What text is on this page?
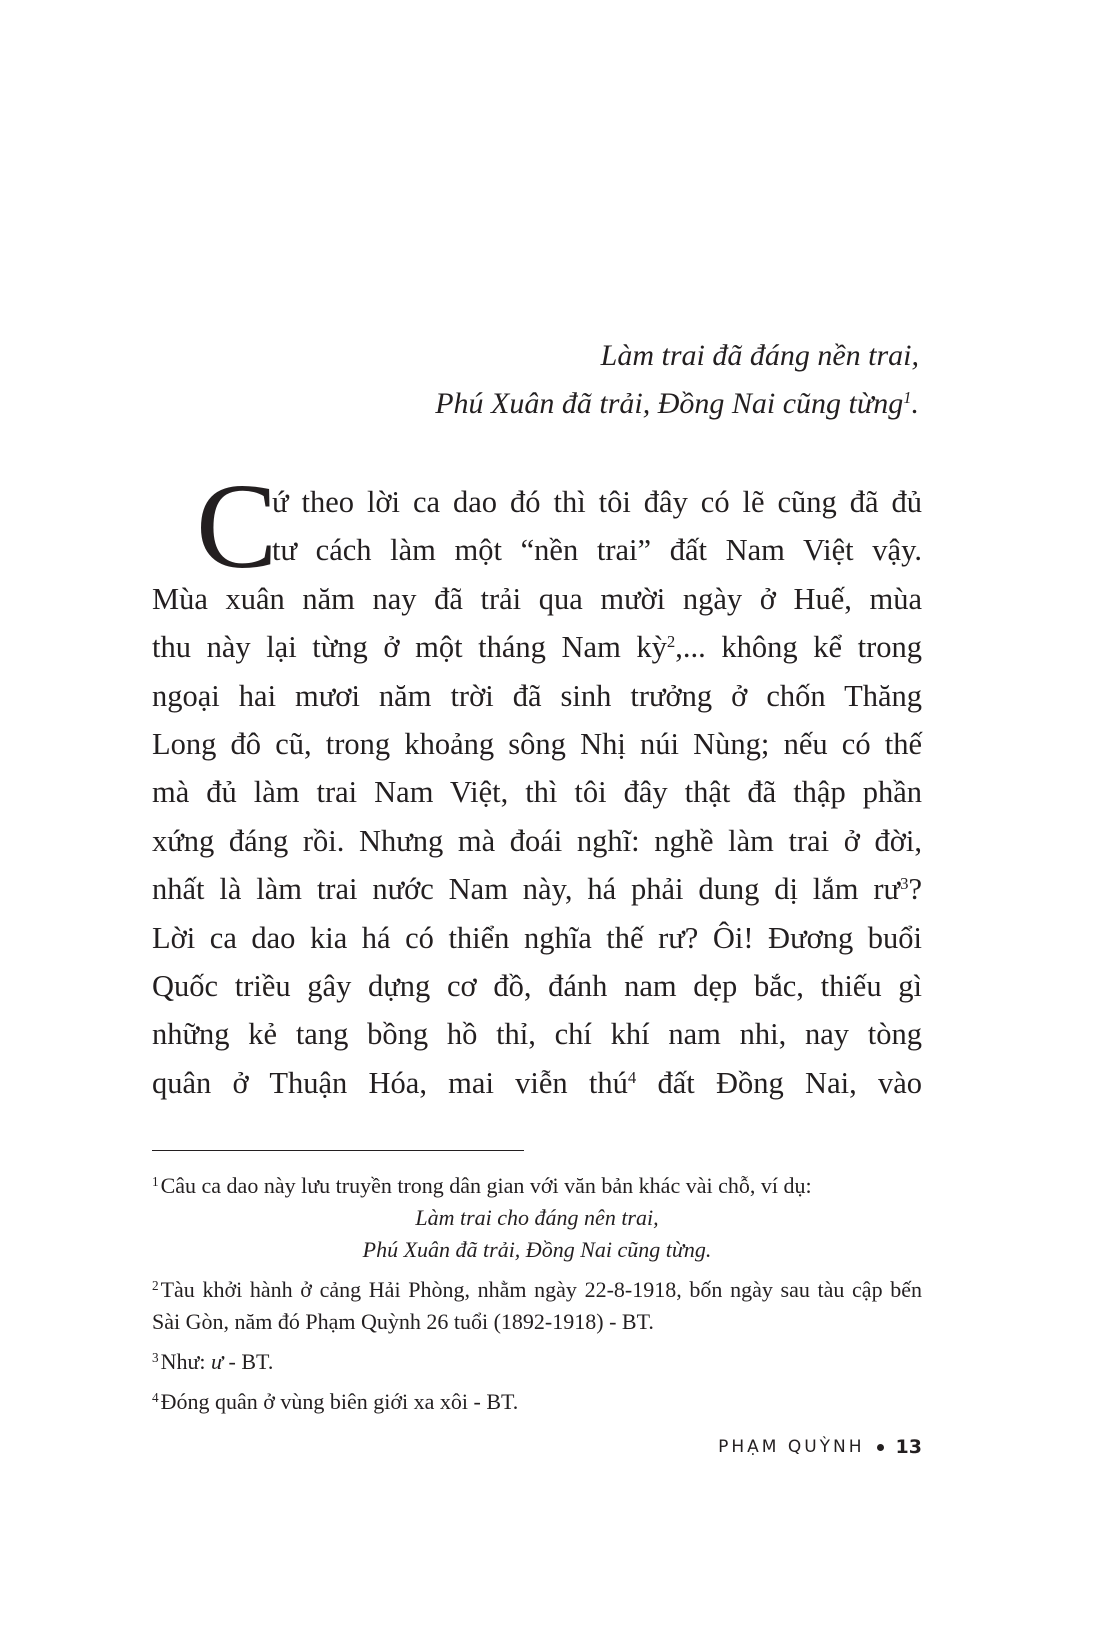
Làm trai đã đáng nền trai,
Phú Xuân đã trải, Đồng Nai cũng từng$^1$.
C
ứ theo lời ca dao đó thì tôi đây có lẽ cũng đã đủ
tư cách làm một “nền trai” đất Nam Việt vậy.
Mùa xuân năm nay đã trải qua mười ngày ở Huế, mùa
thu này lại từng ở một tháng Nam kỳ$^2$,... không kể trong
ngoại hai mươi năm trời đã sinh trưởng ở chốn Thăng
Long đô cũ, trong khoảng sông Nhị núi Nùng; nếu có thế
mà đủ làm trai Nam Việt, thì tôi đây thật đã thập phần
xứng đáng rồi. Nhưng mà đoái nghĩ: nghề làm trai ở đời,
nhất là làm trai nước Nam này, há phải dung dị lắm $rư^3$?
Lời ca dao kia há có thiển nghĩa thế rư? Ôi! Đương buổi
Quốc triều gây dựng cơ đồ, đánh nam dẹp bắc, thiếu gì
những kẻ tang bồng hồ thỉ, chí khí nam nhi, nay tòng
quân ở Thuận Hóa, mai viễn thú$^4$ đất Đồng Nai, vào
$^1$Câu ca dao này lưu truyền trong dân gian với văn bản khác vài chỗ, ví dụ:
Làm trai cho đáng nên trai,
Phú Xuân đã trải, Đồng Nai cũng từng.
$^2$Tàu khởi hành ở cảng Hải Phòng, nhằm ngày 22-8-1918, bốn ngày sau tàu cập bến Sài Gòn, năm đó Phạm Quỳnh 26 tuổi (1892-1918) - BT.
$^3$Như: ư - BT.
$^4$Đóng quân ở vùng biên giới xa xôi - BT.
PHẠM QUỲNH 13
